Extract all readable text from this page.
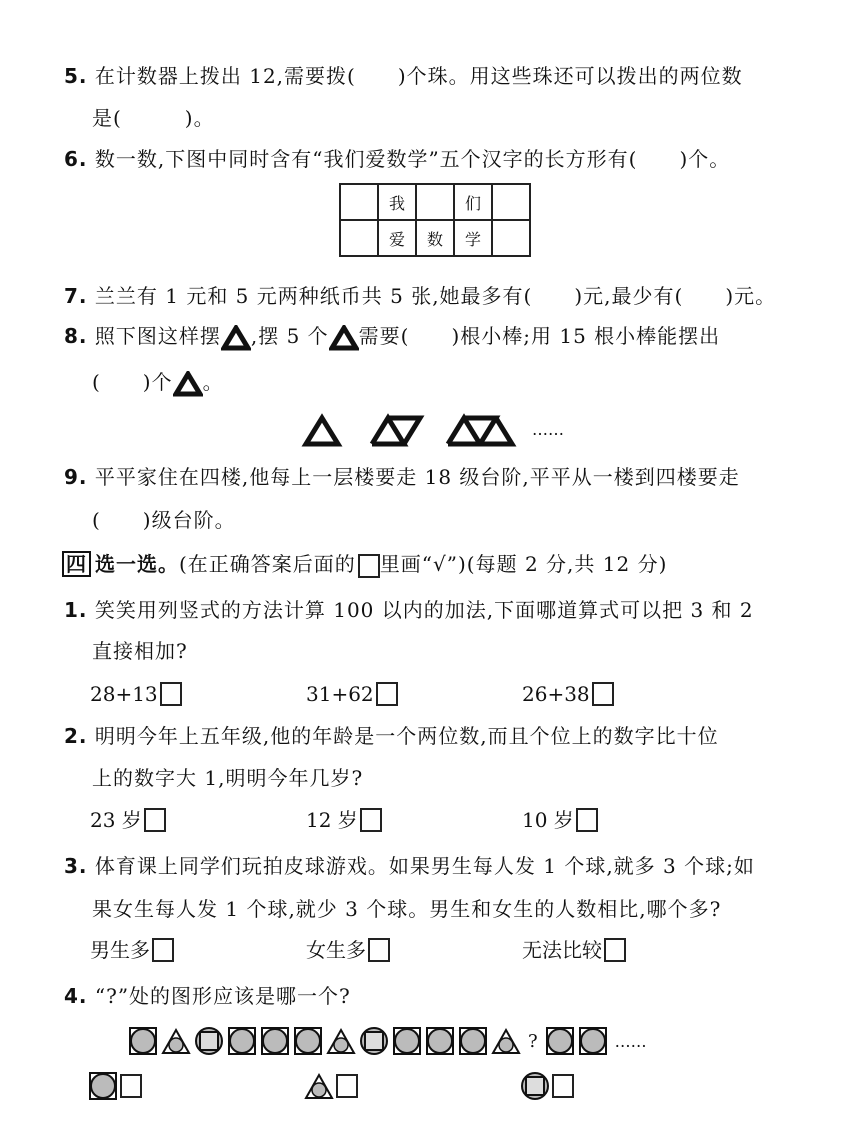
5. 在计数器上拨出 12,需要拨(　　)个珠。用这些珠还可以拨出的两位数
是(　　　)。
6. 数一数,下图中同时含有“我们爱数学”五个汉字的长方形有(　　)个。
	我		们	
	爱	数	学	
7. 兰兰有 1 元和 5 元两种纸币共 5 张,她最多有(　　)元,最少有(　　)元。
8. 照下图这样摆 ,摆 5 个 需要(　　)根小棒;用 15 根小棒能摆出
(　　)个 。
……
9. 平平家住在四楼,他每上一层楼要走 18 级台阶,平平从一楼到四楼要走
(　　)级台阶。
四 选一选。(在正确答案后面的 里画“√”)(每题 2 分,共 12 分)
1. 笑笑用列竖式的方法计算 100 以内的加法,下面哪道算式可以把 3 和 2
直接相加?
28+13	31+62	26+38
2. 明明今年上五年级,他的年龄是一个两位数,而且个位上的数字比十位
上的数字大 1,明明今年几岁?
23 岁	12 岁	10 岁
3. 体育课上同学们玩拍皮球游戏。如果男生每人发 1 个球,就多 3 个球;如
果女生每人发 1 个球,就少 3 个球。男生和女生的人数相比,哪个多?
男生多	女生多	无法比较
4. “?”处的图形应该是哪一个?
?	……
